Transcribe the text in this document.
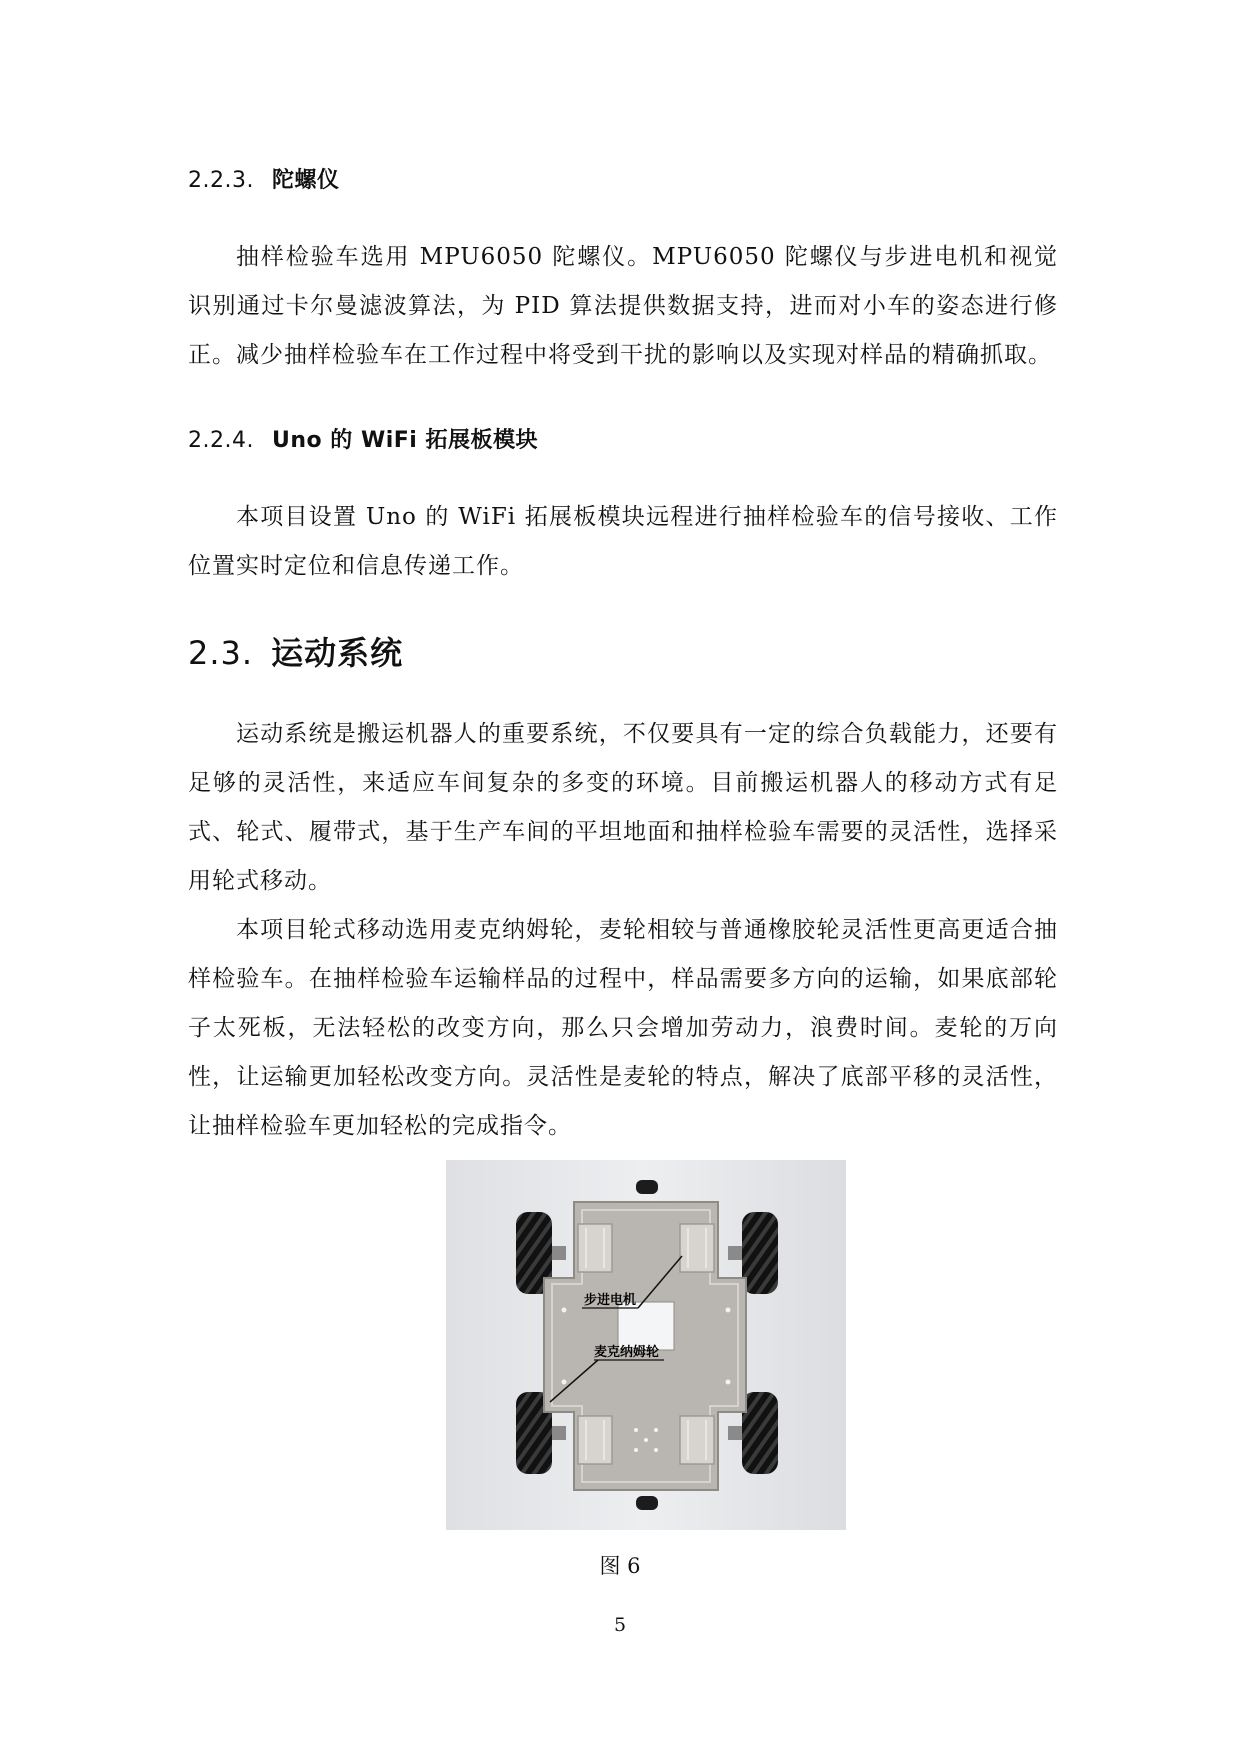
2.2.3. 陀螺仪
抽样检验车选用 MPU6050 陀螺仪。MPU6050 陀螺仪与步进电机和视觉识别通过卡尔曼滤波算法，为 PID 算法提供数据支持，进而对小车的姿态进行修正。减少抽样检验车在工作过程中将受到干扰的影响以及实现对样品的精确抓取。
2.2.4. Uno 的 WiFi 拓展板模块
本项目设置 Uno 的 WiFi 拓展板模块远程进行抽样检验车的信号接收、工作位置实时定位和信息传递工作。
2.3. 运动系统
运动系统是搬运机器人的重要系统，不仅要具有一定的综合负载能力，还要有足够的灵活性，来适应车间复杂的多变的环境。目前搬运机器人的移动方式有足式、轮式、履带式，基于生产车间的平坦地面和抽样检验车需要的灵活性，选择采用轮式移动。
本项目轮式移动选用麦克纳姆轮，麦轮相较与普通橡胶轮灵活性更高更适合抽样检验车。在抽样检验车运输样品的过程中，样品需要多方向的运输，如果底部轮子太死板，无法轻松的改变方向，那么只会增加劳动力，浪费时间。麦轮的万向性，让运输更加轻松改变方向。灵活性是麦轮的特点，解决了底部平移的灵活性，让抽样检验车更加轻松的完成指令。
步进电机
麦克纳姆轮
图 6
5
